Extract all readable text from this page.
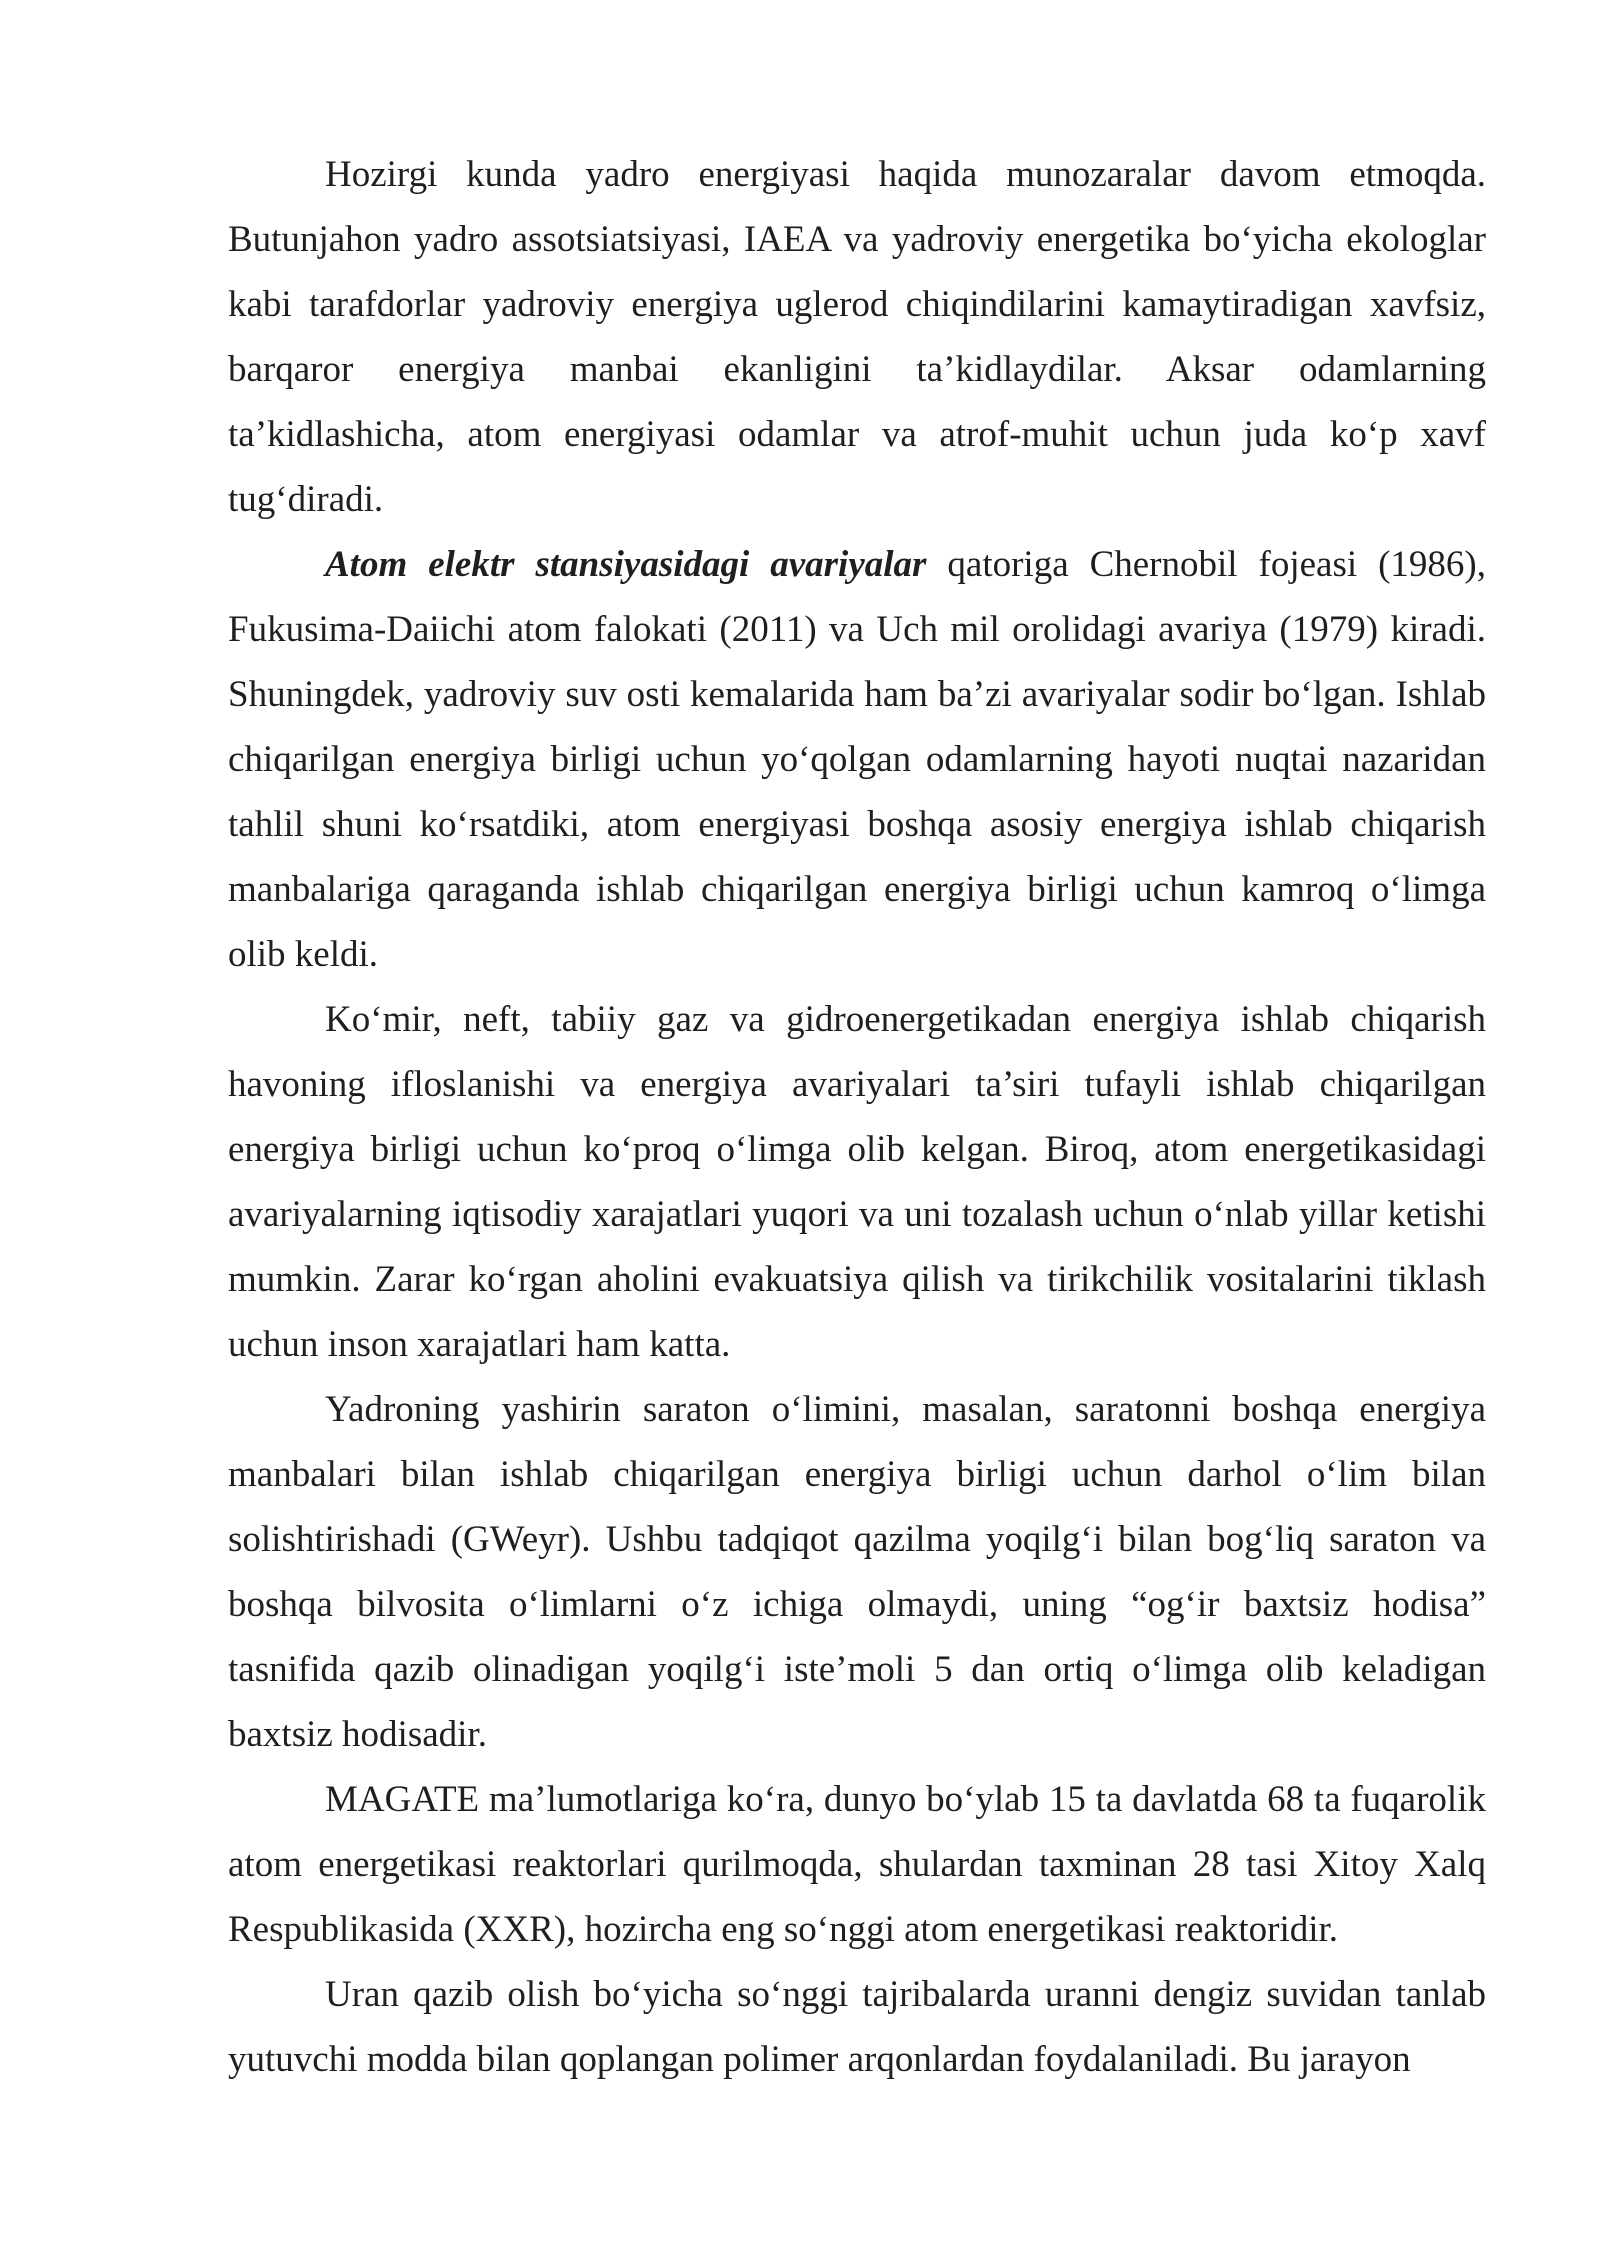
Hozirgi kunda yadro energiyasi haqida munozaralar davom etmoqda. Butunjahon yadro assotsiatsiyasi, IAEA va yadroviy energetika bo‘yicha ekologlar kabi tarafdorlar yadroviy energiya uglerod chiqindilarini kamaytiradigan xavfsiz, barqaror energiya manbai ekanligini ta’kidlaydilar. Aksar odamlarning ta’kidlashicha, atom energiyasi odamlar va atrof-muhit uchun juda ko‘p xavf tug‘diradi.

Atom elektr stansiyasidagi avariyalar qatoriga Chernobil fojeasi (1986), Fukusima-Daiichi atom falokati (2011) va Uch mil orolidagi avariya (1979) kiradi. Shuningdek, yadroviy suv osti kemalarida ham ba’zi avariyalar sodir bo‘lgan. Ishlab chiqarilgan energiya birligi uchun yo‘qolgan odamlarning hayoti nuqtai nazaridan tahlil shuni ko‘rsatdiki, atom energiyasi boshqa asosiy energiya ishlab chiqarish manbalariga qaraganda ishlab chiqarilgan energiya birligi uchun kamroq o‘limga olib keldi.

Ko‘mir, neft, tabiiy gaz va gidroenergetikadan energiya ishlab chiqarish havoning ifloslanishi va energiya avariyalari ta’siri tufayli ishlab chiqarilgan energiya birligi uchun ko‘proq o‘limga olib kelgan. Biroq, atom energetikasidagi avariyalarning iqtisodiy xarajatlari yuqori va uni tozalash uchun o‘nlab yillar ketishi mumkin. Zarar ko‘rgan aholini evakuatsiya qilish va tirikchilik vositalarini tiklash uchun inson xarajatlari ham katta.

Yadroning yashirin saraton o‘limini, masalan, saratonni boshqa energiya manbalari bilan ishlab chiqarilgan energiya birligi uchun darhol o‘lim bilan solishtirishadi (GWeyr). Ushbu tadqiqot qazilma yoqilg‘i bilan bog‘liq saraton va boshqa bilvosita o‘limlarni o‘z ichiga olmaydi, uning “og‘ir baxtsiz hodisa” tasnifida qazib olinadigan yoqilg‘i iste’moli 5 dan ortiq o‘limga olib keladigan baxtsiz hodisadir.

MAGATE ma’lumotlariga ko‘ra, dunyo bo‘ylab 15 ta davlatda 68 ta fuqarolik atom energetikasi reaktorlari qurilmoqda, shulardan taxminan 28 tasi Xitoy Xalq Respublikasida (XXR), hozircha eng so‘nggi atom energetikasi reaktoridir.

Uran qazib olish bo‘yicha so‘nggi tajribalarda uranni dengiz suvidan tanlab yutuvchi modda bilan qoplangan polimer arqonlardan foydalaniladi. Bu jarayon
